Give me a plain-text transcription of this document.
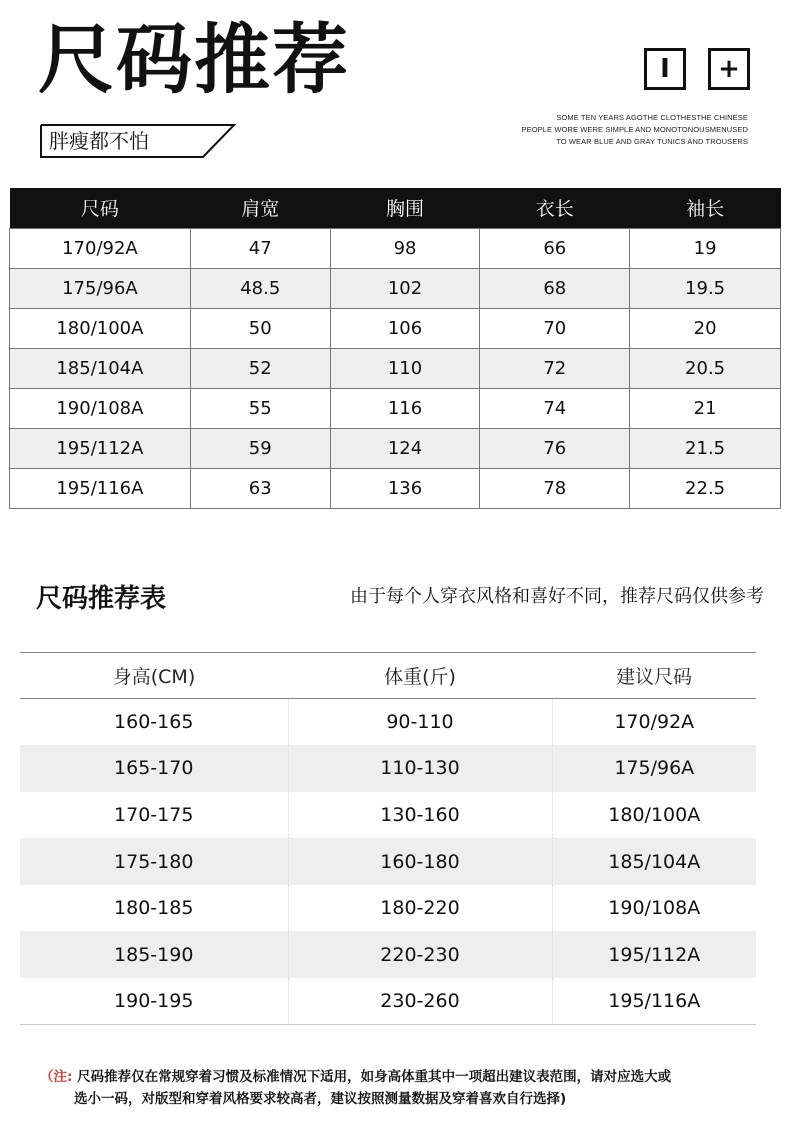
尺码推荐
胖瘦都不怕
I +
SOME TEN YEARS AGOTHE CLOTHESTHE CHINESE
PEOPLE WORE WERE SIMPLE AND MONOTONOUSMENUSED
TO WEAR BLUE AND GRAY TUNICS AND TROUSERS
尺码	肩宽	胸围	衣长	袖长
170/92A	47	98	66	19
175/96A	48.5	102	68	19.5
180/100A	50	106	70	20
185/104A	52	110	72	20.5
190/108A	55	116	74	21
195/112A	59	124	76	21.5
195/116A	63	136	78	22.5
尺码推荐表	由于每个人穿衣风格和喜好不同，推荐尺码仅供参考
身高(CM)	体重(斤)	建议尺码
160-165	90-110	170/92A
165-170	110-130	175/96A
170-175	130-160	180/100A
175-180	160-180	185/104A
180-185	180-220	190/108A
185-190	220-230	195/112A
190-195	230-260	195/116A
（注: 尺码推荐仅在常规穿着习惯及标准情况下适用，如身高体重其中一项超出建议表范围，请对应选大或
选小一码，对版型和穿着风格要求较高者，建议按照测量数据及穿着喜欢自行选择)
